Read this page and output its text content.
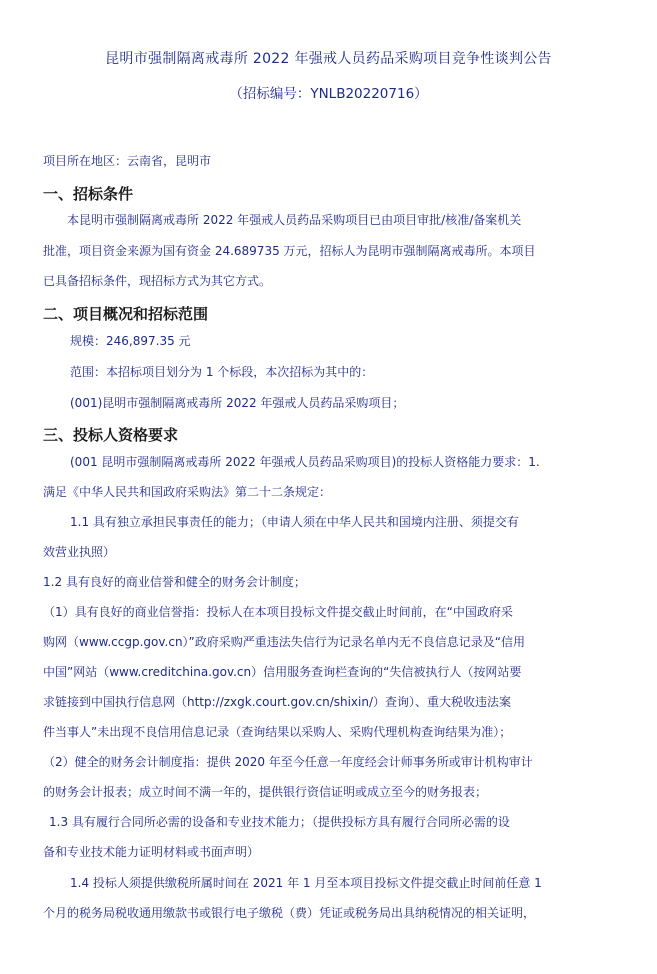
昆明市强制隔离戒毒所 2022 年强戒人员药品采购项目竞争性谈判公告
（招标编号：YNLB20220716）
项目所在地区：云南省，昆明市
一、招标条件
本昆明市强制隔离戒毒所 2022 年强戒人员药品采购项目已由项目审批/核准/备案机关
批准，项目资金来源为国有资金 24.689735 万元，招标人为昆明市强制隔离戒毒所。本项目
已具备招标条件，现招标方式为其它方式。
二、项目概况和招标范围
规模：246,897.35 元
范围：本招标项目划分为 1 个标段，本次招标为其中的：
(001)昆明市强制隔离戒毒所 2022 年强戒人员药品采购项目；
三、投标人资格要求
(001 昆明市强制隔离戒毒所 2022 年强戒人员药品采购项目)的投标人资格能力要求：1.
满足《中华人民共和国政府采购法》第二十二条规定：
1.1 具有独立承担民事责任的能力；（申请人须在中华人民共和国境内注册、须提交有
效营业执照）
1.2 具有良好的商业信誉和健全的财务会计制度；
（1）具有良好的商业信誉指：投标人在本项目投标文件提交截止时间前，在“中国政府采
购网（www.ccgp.gov.cn）”政府采购严重违法失信行为记录名单内无不良信息记录及“信用
中国”网站（www.creditchina.gov.cn）信用服务查询栏查询的“失信被执行人（按网站要
求链接到中国执行信息网（http://zxgk.court.gov.cn/shixin/）查询）、重大税收违法案
件当事人”未出现不良信用信息记录（查询结果以采购人、采购代理机构查询结果为准）；
（2）健全的财务会计制度指：提供 2020 年至今任意一年度经会计师事务所或审计机构审计
的财务会计报表；成立时间不满一年的，提供银行资信证明或成立至今的财务报表；
1.3 具有履行合同所必需的设备和专业技术能力；（提供投标方具有履行合同所必需的设
备和专业技术能力证明材料或书面声明）
1.4 投标人须提供缴税所属时间在 2021 年 1 月至本项目投标文件提交截止时间前任意 1
个月的税务局税收通用缴款书或银行电子缴税（费）凭证或税务局出具纳税情况的相关证明，
